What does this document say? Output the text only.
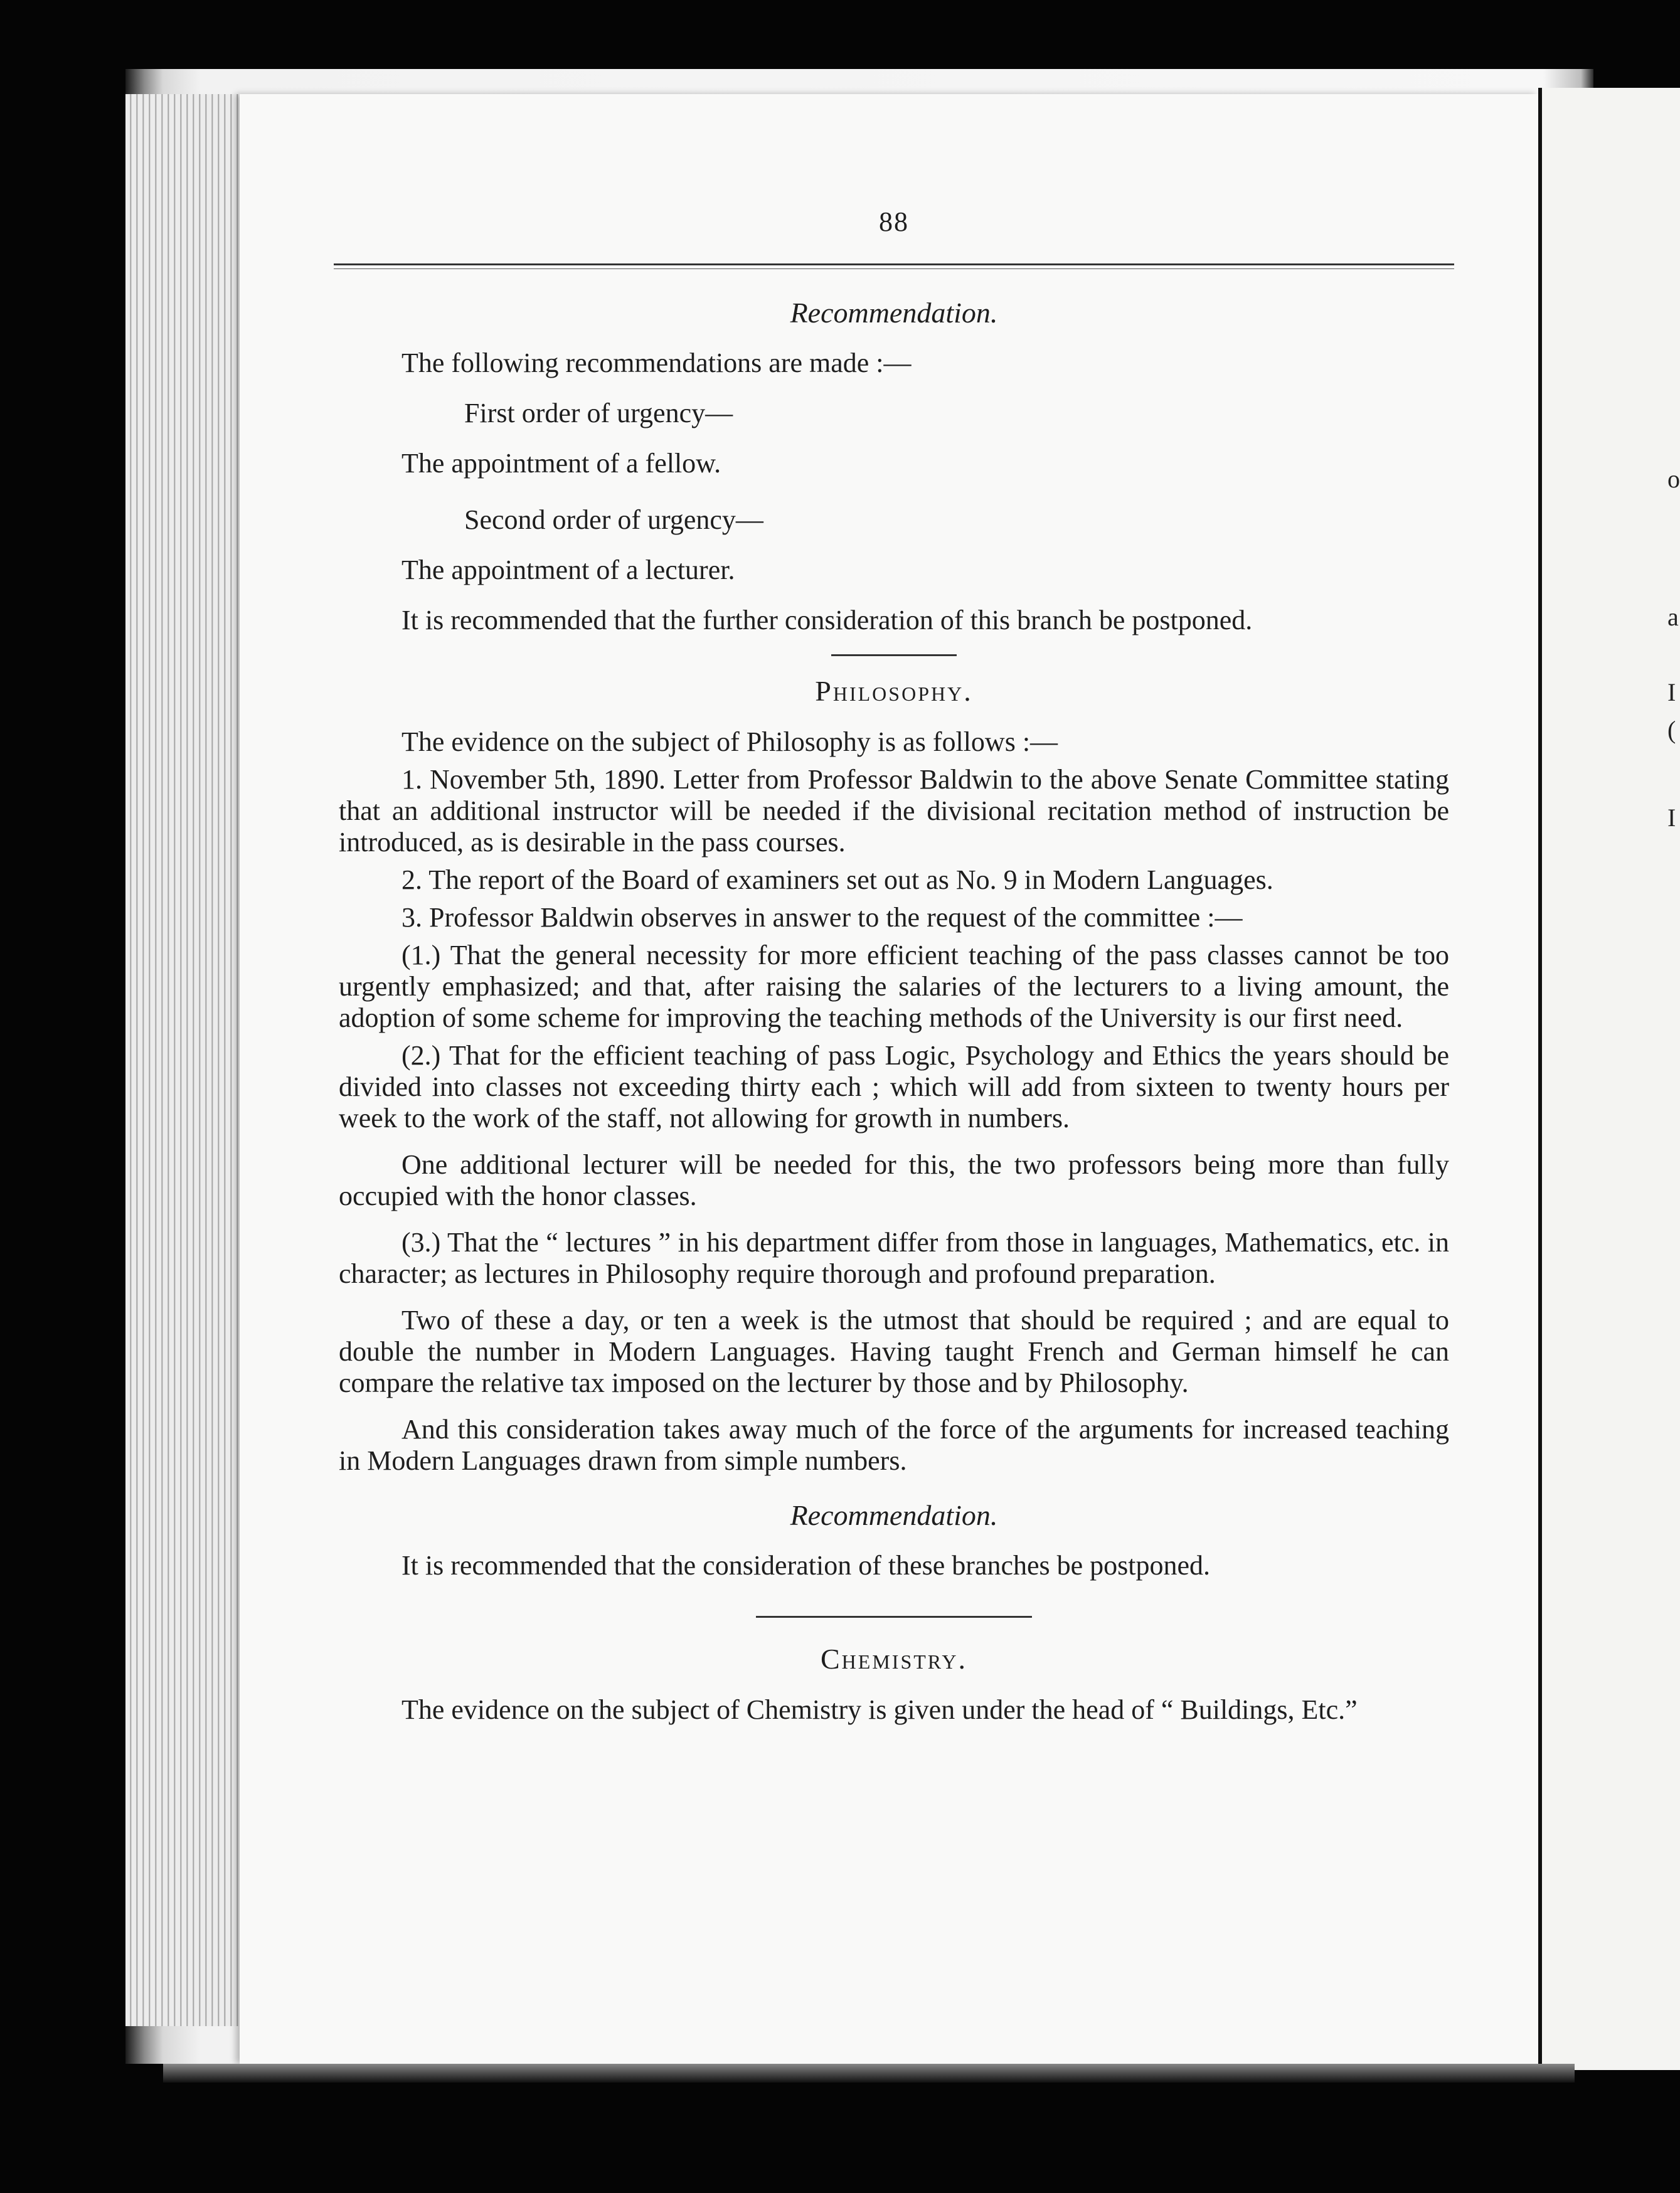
o
a
I
(
I
88
Recommendation.

The following recommendations are made :—

First order of urgency—

The appointment of a fellow.

Second order of urgency—

The appointment of a lecturer.

It is recommended that the further consideration of this branch be postponed.

Philosophy.

The evidence on the subject of Philosophy is as follows :—

1. November 5th, 1890. Letter from Professor Baldwin to the above Senate Committee stating that an additional instructor will be needed if the divisional recitation method of instruction be introduced, as is desirable in the pass courses.

2. The report of the Board of examiners set out as No. 9 in Modern Languages.

3. Professor Baldwin observes in answer to the request of the committee :—

(1.) That the general necessity for more efficient teaching of the pass classes cannot be too urgently emphasized; and that, after raising the salaries of the lecturers to a living amount, the adoption of some scheme for improving the teaching methods of the University is our first need.

(2.) That for the efficient teaching of pass Logic, Psychology and Ethics the years should be divided into classes not exceeding thirty each ; which will add from sixteen to twenty hours per week to the work of the staff, not allowing for growth in numbers.

One additional lecturer will be needed for this, the two professors being more than fully occupied with the honor classes.

(3.) That the “ lectures ” in his department differ from those in languages, Mathematics, etc. in character; as lectures in Philosophy require thorough and profound preparation.

Two of these a day, or ten a week is the utmost that should be required ; and are equal to double the number in Modern Languages. Having taught French and German himself he can compare the relative tax imposed on the lecturer by those and by Philosophy.

And this consideration takes away much of the force of the arguments for increased teaching in Modern Languages drawn from simple numbers.

Recommendation.

It is recommended that the consideration of these branches be postponed.

Chemistry.

The evidence on the subject of Chemistry is given under the head of “ Buildings, Etc.”
